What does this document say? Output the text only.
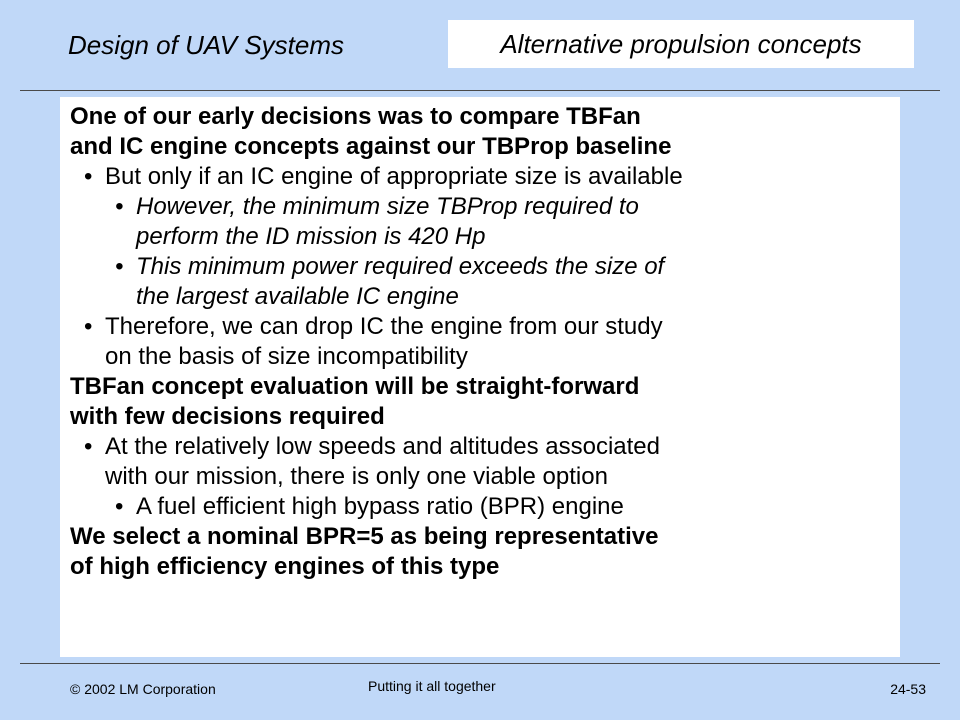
Design of UAV Systems	Alternative propulsion concepts
One of our early decisions was to compare TBFan
and IC engine concepts against our TBProp baseline
• But only if an IC engine of appropriate size is available
• However, the minimum size TBProp required to
perform the ID mission is 420 Hp
• This minimum power required exceeds the size of
the largest available IC engine
• Therefore, we can drop IC the engine from our study
on the basis of size incompatibility
TBFan concept evaluation will be straight-forward
with few decisions required
• At the relatively low speeds and altitudes associated
with our mission, there is only one viable option
• A fuel efficient high bypass ratio (BPR) engine
We select a nominal BPR=5 as being representative
of high efficiency engines of this type
© 2002 LM Corporation	Putting it all together	24-53
